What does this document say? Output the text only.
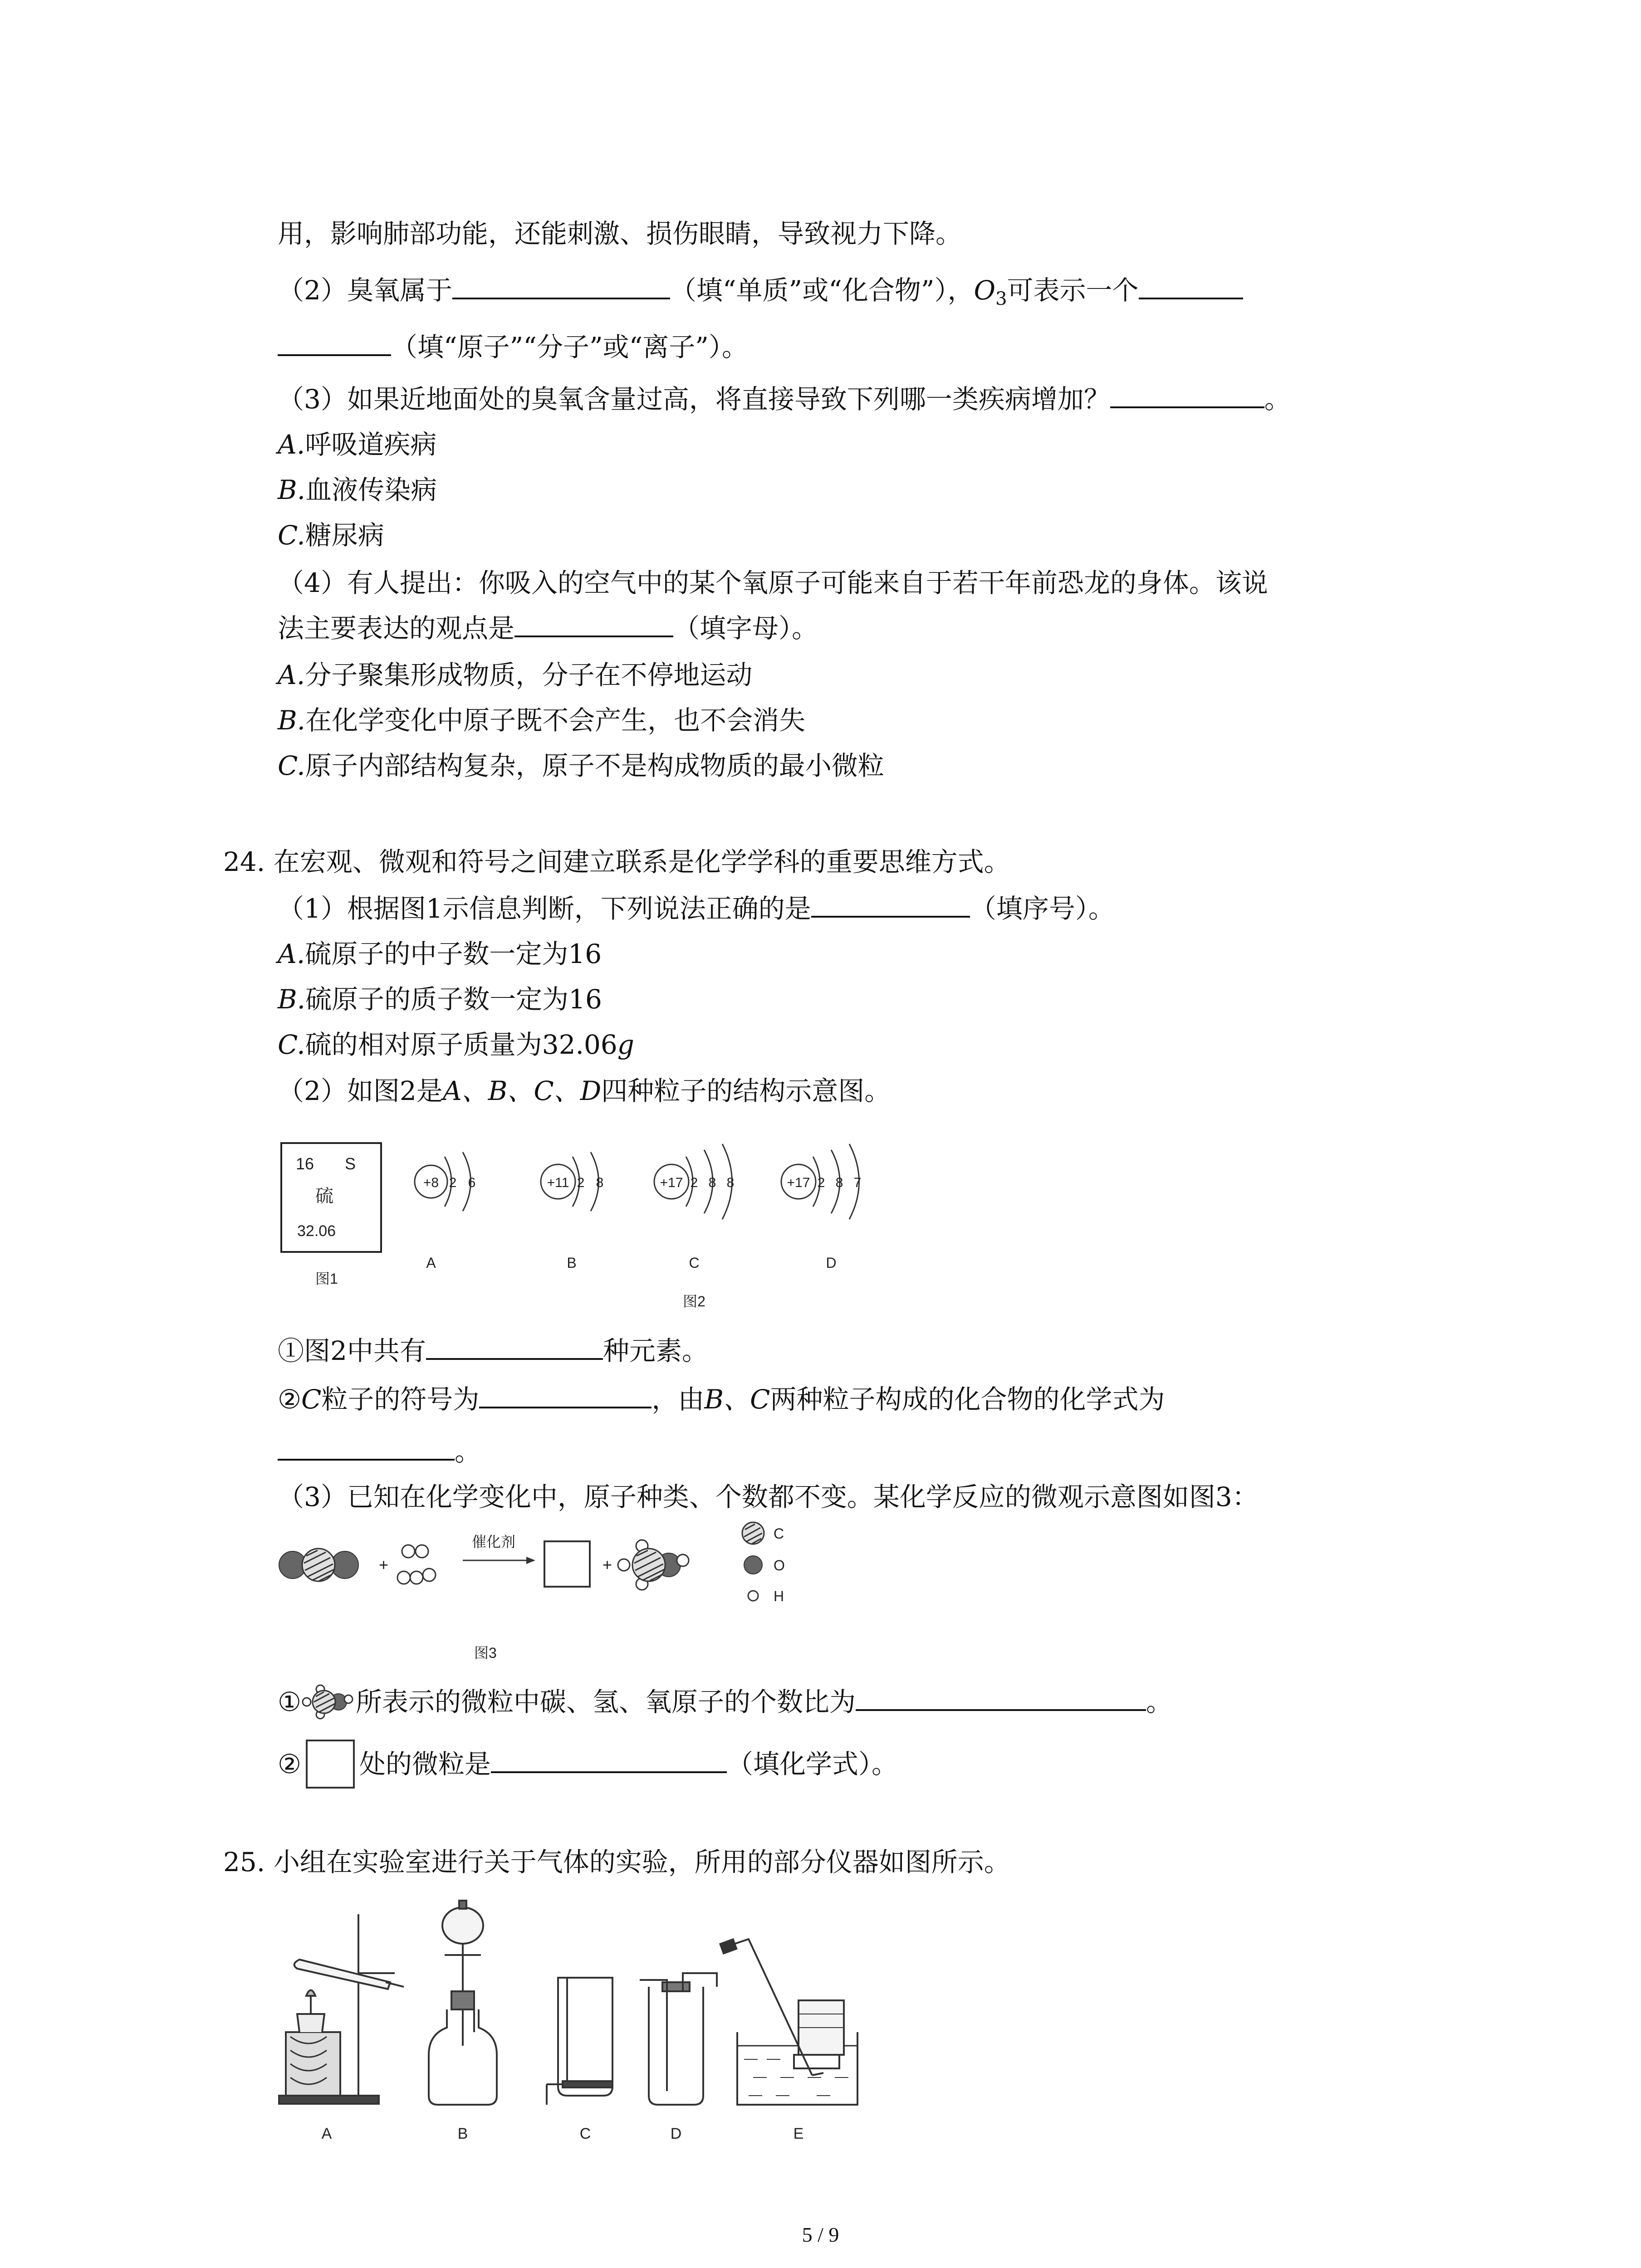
用，影响肺部功能，还能刺激、损伤眼睛，导致视力下降。
（2）臭氧属于	（填“单质”或“化合物”），$O_3$可表示一个
（填“原子”“分子”或“离子”）。
（3）如果近地面处的臭氧含量过高，将直接导致下列哪一类疾病增加？	。
A.呼吸道疾病
B.血液传染病
C.糖尿病
（4）有人提出：你吸入的空气中的某个氧原子可能来自于若干年前恐龙的身体。该说
法主要表达的观点是	（填字母）。
A.分子聚集形成物质，分子在不停地运动
B.在化学变化中原子既不会产生，也不会消失
C.原子内部结构复杂，原子不是构成物质的最小微粒
24. 在宏观、微观和符号之间建立联系是化学学科的重要思维方式。
（1）根据图1示信息判断，下列说法正确的是	（填序号）。
A.硫原子的中子数一定为16
B.硫原子的质子数一定为16
C.硫的相对原子质量为32.06g
（2）如图2是A、B、C、D四种粒子的结构示意图。
16 S
硫
32.06
图1
+8 2 6
A
+11 2 8
B
+17 2 8 8
C
+17 2 8 7
D
图2
①图2中共有	种元素。
②C粒子的符号为	，由B、C两种粒子构成的化合物的化学式为
。
（3）已知在化学变化中，原子种类、个数都不变。某化学反应的微观示意图如图3：
+
催化剂
+
C
O
H
图3
① 所表示的微粒中碳、氢、氧原子的个数比为	。
② 处的微粒是	（填化学式）。
25. 小组在实验室进行关于气体的实验，所用的部分仪器如图所示。
A	B	C	D	E
5 / 9
